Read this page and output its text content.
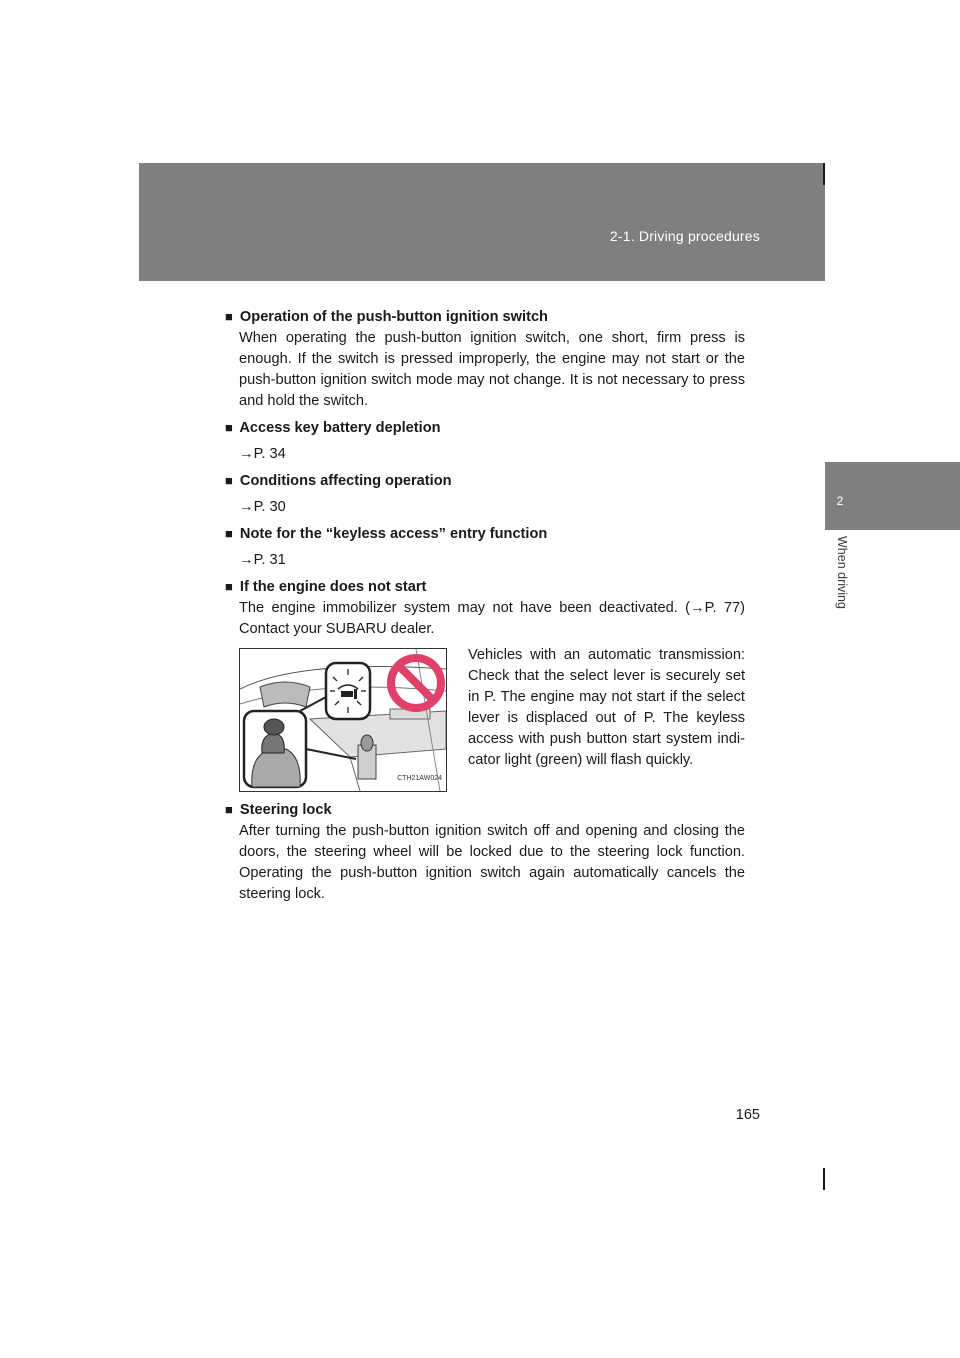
2-1. Driving procedures
2
When driving
■ Operation of the push-button ignition switch
When operating the push-button ignition switch, one short, firm press is enough. If the switch is pressed improperly, the engine may not start or the push-button ignition switch mode may not change. It is not necessary to press and hold the switch.
■ Access key battery depletion
→P. 34
■ Conditions affecting operation
→P. 30
■ Note for the “keyless access” entry function
→P. 31
■ If the engine does not start
The engine immobilizer system may not have been deactivated. (→P. 77) Contact your SUBARU dealer.
CTH21AW024
Vehicles with an automatic transmission: Check that the select lever is securely set in P. The engine may not start if the select lever is displaced out of P. The keyless access with push button start system indi-cator light (green) will flash quickly.
■ Steering lock
After turning the push-button ignition switch off and opening and closing the doors, the steering wheel will be locked due to the steering lock function. Operating the push-button ignition switch again automatically cancels the steering lock.
165
